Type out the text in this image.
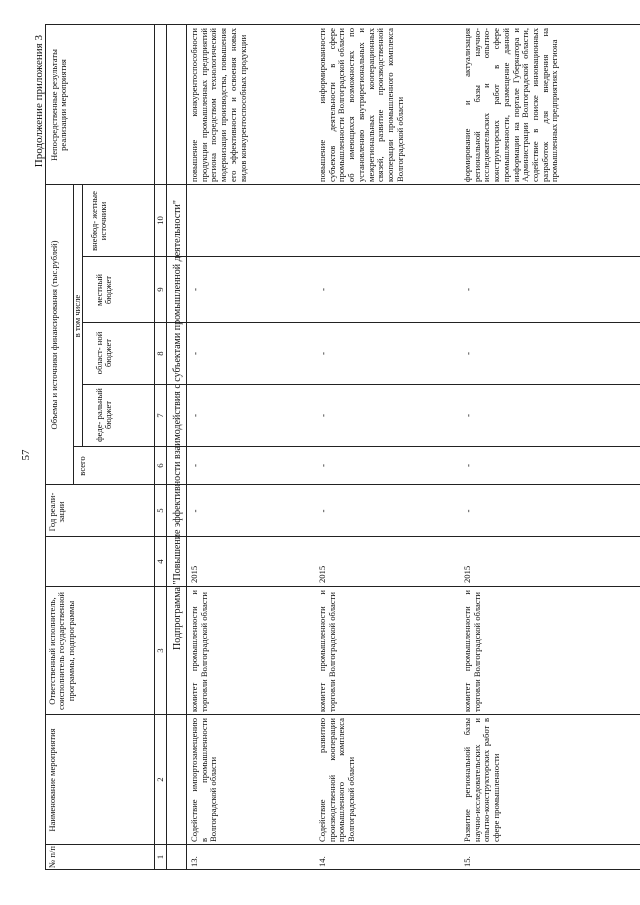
57
Продолжение приложения 3
№ п/п
Наименование мероприятия
Ответственный исполнитель, соисполнитель государственной программы, подпрограммы
Год реали- зации
Объемы и источники финансирования (тыс.рублей)
всего
в том числе
феде- ральный бюджет
област- ной бюджет
местный бюджет
внебюд- жетные источники
Непосредственные результаты реализации мероприятия
1
2
3
4
5
6
7
8
9
10 Подпрограмма "Повышение эффективности взаимодействия с субъектами промышленной деятельности"
13.
Содействие импортозамещению в промышленности Волгоградской области
комитет промышленности и торговли Волгоградской области
2015
-
-
-
-
-
повышение конкурентоспособности продукции промышленных предприятий региона посредством технологической модернизации производства, повышения его эффективности и освоения новых видов конкурентоспособных продукции
14.
Содействие развитию производственной кооперации промышленного комплекса Волгоградской области
комитет промышленности и торговли Волгоградской области
2015
-
-
-
-
-
повышение информированности субъектов деятельности в сфере промышленности Волгоградской области об имеющихся возможностях по установлению внутрирегиональных и межрегиональных кооперационных связей, развитие производственной кооперации промышленного комплекса Волгоградской области
15.
Развитие региональной базы научно-исследовательских и опытно-конструкторских работ в сфере промышленности
комитет промышленности и торговли Волгоградской области
2015
-
-
-
-
-
формирование и актуализация региональной базы научно-исследовательских и опытно-конструкторских работ в сфере промышленности, размещение данной информации на портале Губернатора и Администрации Волгоградской области, содействие в поиске инновационных разработок для внедрения на промышленных предприятиях региона
